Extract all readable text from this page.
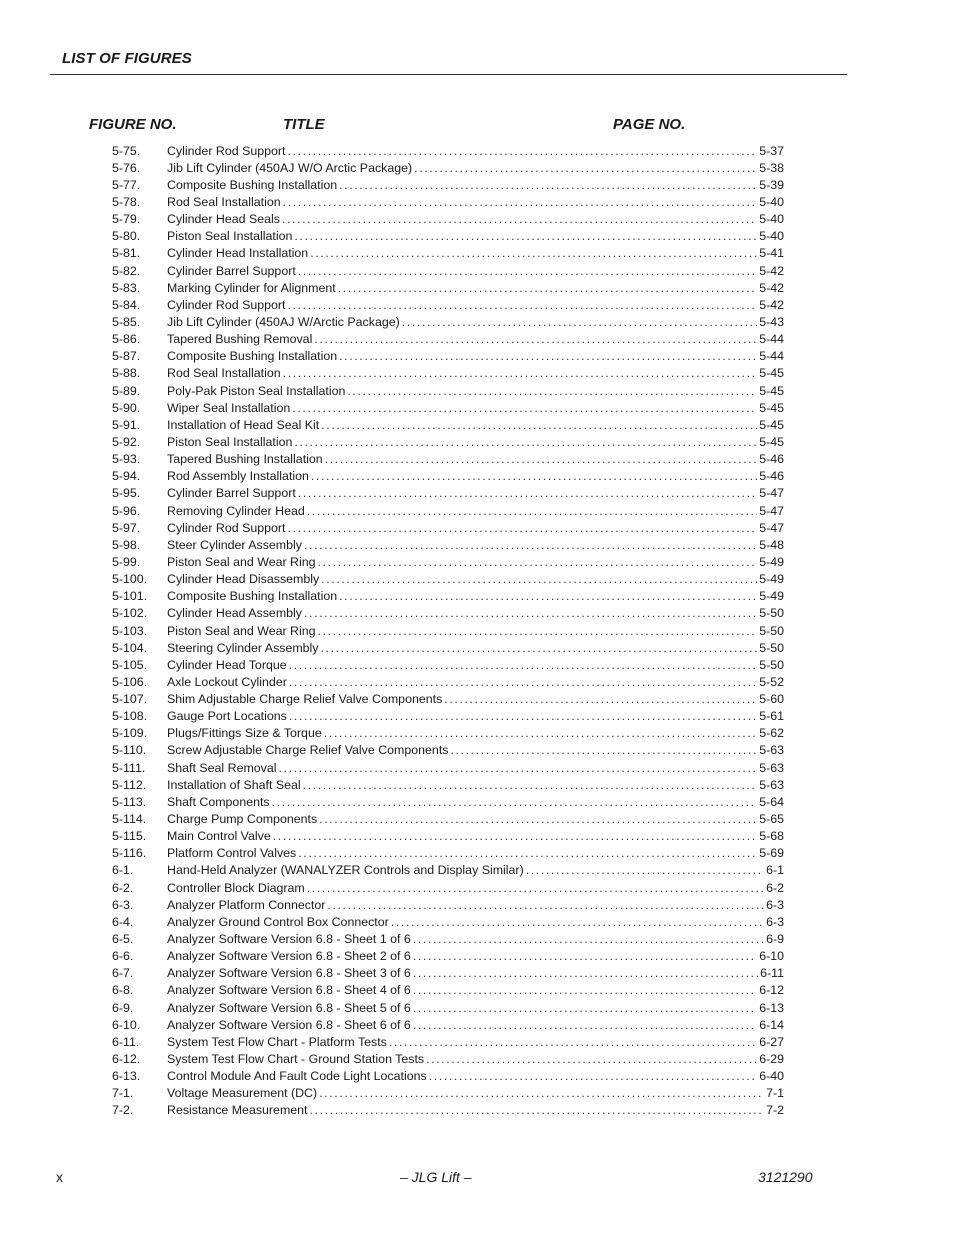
LIST OF FIGURES
FIGURE NO.	TITLE	PAGE NO.
5-75.	Cylinder Rod Support .....	5-37
5-76.	Jib Lift Cylinder (450AJ W/O Arctic Package) .....	5-38
5-77.	Composite Bushing Installation .....	5-39
5-78.	Rod Seal Installation .....	5-40
5-79.	Cylinder Head Seals .....	5-40
5-80.	Piston Seal Installation .....	5-40
5-81.	Cylinder Head Installation .....	5-41
5-82.	Cylinder Barrel Support .....	5-42
5-83.	Marking Cylinder for Alignment .....	5-42
5-84.	Cylinder Rod Support .....	5-42
5-85.	Jib Lift Cylinder (450AJ W/Arctic Package) .....	5-43
5-86.	Tapered Bushing Removal .....	5-44
5-87.	Composite Bushing Installation .....	5-44
5-88.	Rod Seal Installation .....	5-45
5-89.	Poly-Pak Piston Seal Installation .....	5-45
5-90.	Wiper Seal Installation .....	5-45
5-91.	Installation of Head Seal Kit .....	5-45
5-92.	Piston Seal Installation .....	5-45
5-93.	Tapered Bushing Installation .....	5-46
5-94.	Rod Assembly Installation .....	5-46
5-95.	Cylinder Barrel Support .....	5-47
5-96.	Removing Cylinder Head .....	5-47
5-97.	Cylinder Rod Support .....	5-47
5-98.	Steer Cylinder Assembly .....	5-48
5-99.	Piston Seal and Wear Ring .....	5-49
5-100.	Cylinder Head Disassembly .....	5-49
5-101.	Composite Bushing Installation .....	5-49
5-102.	Cylinder Head Assembly .....	5-50
5-103.	Piston Seal and Wear Ring .....	5-50
5-104.	Steering Cylinder Assembly .....	5-50
5-105.	Cylinder Head Torque .....	5-50
5-106.	Axle Lockout Cylinder .....	5-52
5-107.	Shim Adjustable Charge Relief Valve Components .....	5-60
5-108.	Gauge Port Locations .....	5-61
5-109.	Plugs/Fittings Size & Torque .....	5-62
5-110.	Screw Adjustable Charge Relief Valve Components .....	5-63
5-111.	Shaft Seal Removal .....	5-63
5-112.	Installation of Shaft Seal .....	5-63
5-113.	Shaft Components .....	5-64
5-114.	Charge Pump Components .....	5-65
5-115.	Main Control Valve .....	5-68
5-116.	Platform Control Valves .....	5-69
6-1.	Hand-Held Analyzer (WANALYZER Controls and Display Similar) .....	6-1
6-2.	Controller Block Diagram .....	6-2
6-3.	Analyzer Platform Connector .....	6-3
6-4.	Analyzer Ground Control Box Connector .....	6-3
6-5.	Analyzer Software Version 6.8 - Sheet 1 of 6 .....	6-9
6-6.	Analyzer Software Version 6.8 - Sheet 2 of 6 .....	6-10
6-7.	Analyzer Software Version 6.8 - Sheet 3 of 6 .....	6-11
6-8.	Analyzer Software Version 6.8 - Sheet 4 of 6 .....	6-12
6-9.	Analyzer Software Version 6.8 - Sheet 5 of 6 .....	6-13
6-10.	Analyzer Software Version 6.8 - Sheet 6 of 6 .....	6-14
6-11.	System Test Flow Chart - Platform Tests .....	6-27
6-12.	System Test Flow Chart - Ground Station Tests .....	6-29
6-13.	Control Module And Fault Code Light Locations .....	6-40
7-1.	Voltage Measurement (DC) .....	7-1
7-2.	Resistance Measurement .....	7-2
x	– JLG Lift –	3121290
